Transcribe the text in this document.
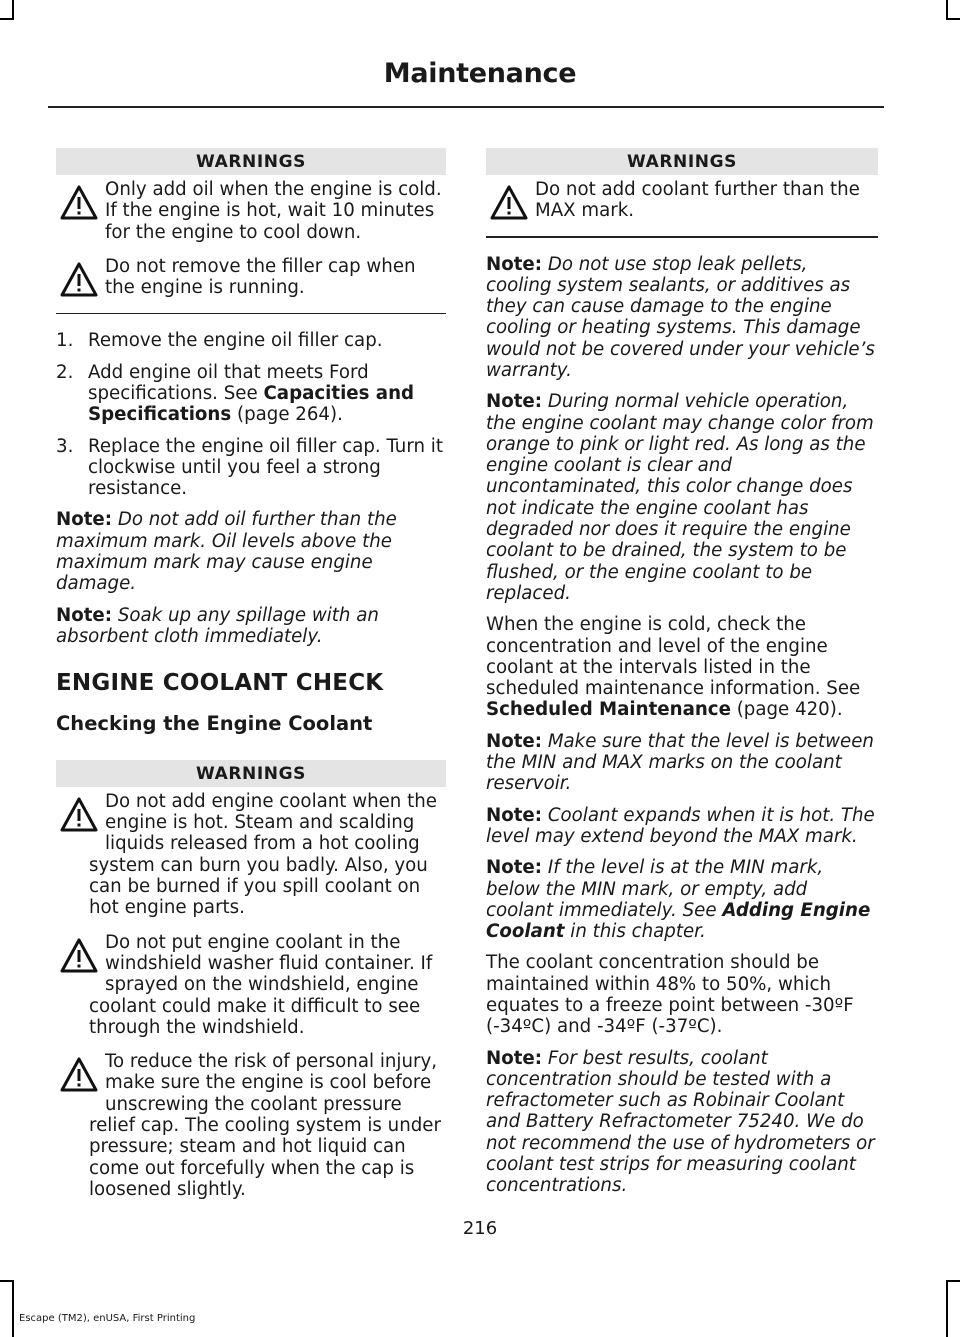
Maintenance
WARNINGS
Only add oil when the engine is cold. If the engine is hot, wait 10 minutes for the engine to cool down.
Do not remove the filler cap when the engine is running.
1. Remove the engine oil filler cap.
2. Add engine oil that meets Ford specifications. See Capacities and Specifications (page 264).
3. Replace the engine oil filler cap. Turn it clockwise until you feel a strong resistance.

Note: Do not add oil further than the maximum mark. Oil levels above the maximum mark may cause engine damage.

Note: Soak up any spillage with an absorbent cloth immediately.

ENGINE COOLANT CHECK
Checking the Engine Coolant
WARNINGS
Do not add engine coolant when the engine is hot. Steam and scalding liquids released from a hot cooling system can burn you badly. Also, you can be burned if you spill coolant on hot engine parts.
Do not put engine coolant in the windshield washer fluid container. If sprayed on the windshield, engine coolant could make it difficult to see through the windshield.
To reduce the risk of personal injury, make sure the engine is cool before unscrewing the coolant pressure relief cap. The cooling system is under pressure; steam and hot liquid can come out forcefully when the cap is loosened slightly.
WARNINGS
Do not add coolant further than the MAX mark.

Note: Do not use stop leak pellets, cooling system sealants, or additives as they can cause damage to the engine cooling or heating systems. This damage would not be covered under your vehicle’s warranty.

Note: During normal vehicle operation, the engine coolant may change color from orange to pink or light red. As long as the engine coolant is clear and uncontaminated, this color change does not indicate the engine coolant has degraded nor does it require the engine coolant to be drained, the system to be flushed, or the engine coolant to be replaced.

When the engine is cold, check the concentration and level of the engine coolant at the intervals listed in the scheduled maintenance information. See Scheduled Maintenance (page 420).

Note: Make sure that the level is between the MIN and MAX marks on the coolant reservoir.

Note: Coolant expands when it is hot. The level may extend beyond the MAX mark.

Note: If the level is at the MIN mark, below the MIN mark, or empty, add coolant immediately. See Adding Engine Coolant in this chapter.

The coolant concentration should be maintained within 48% to 50%, which equates to a freeze point between -30ºF (-34ºC) and -34ºF (-37ºC).

Note: For best results, coolant concentration should be tested with a refractometer such as Robinair Coolant and Battery Refractometer 75240. We do not recommend the use of hydrometers or coolant test strips for measuring coolant concentrations.

216
Escape (TM2), enUSA, First Printing
